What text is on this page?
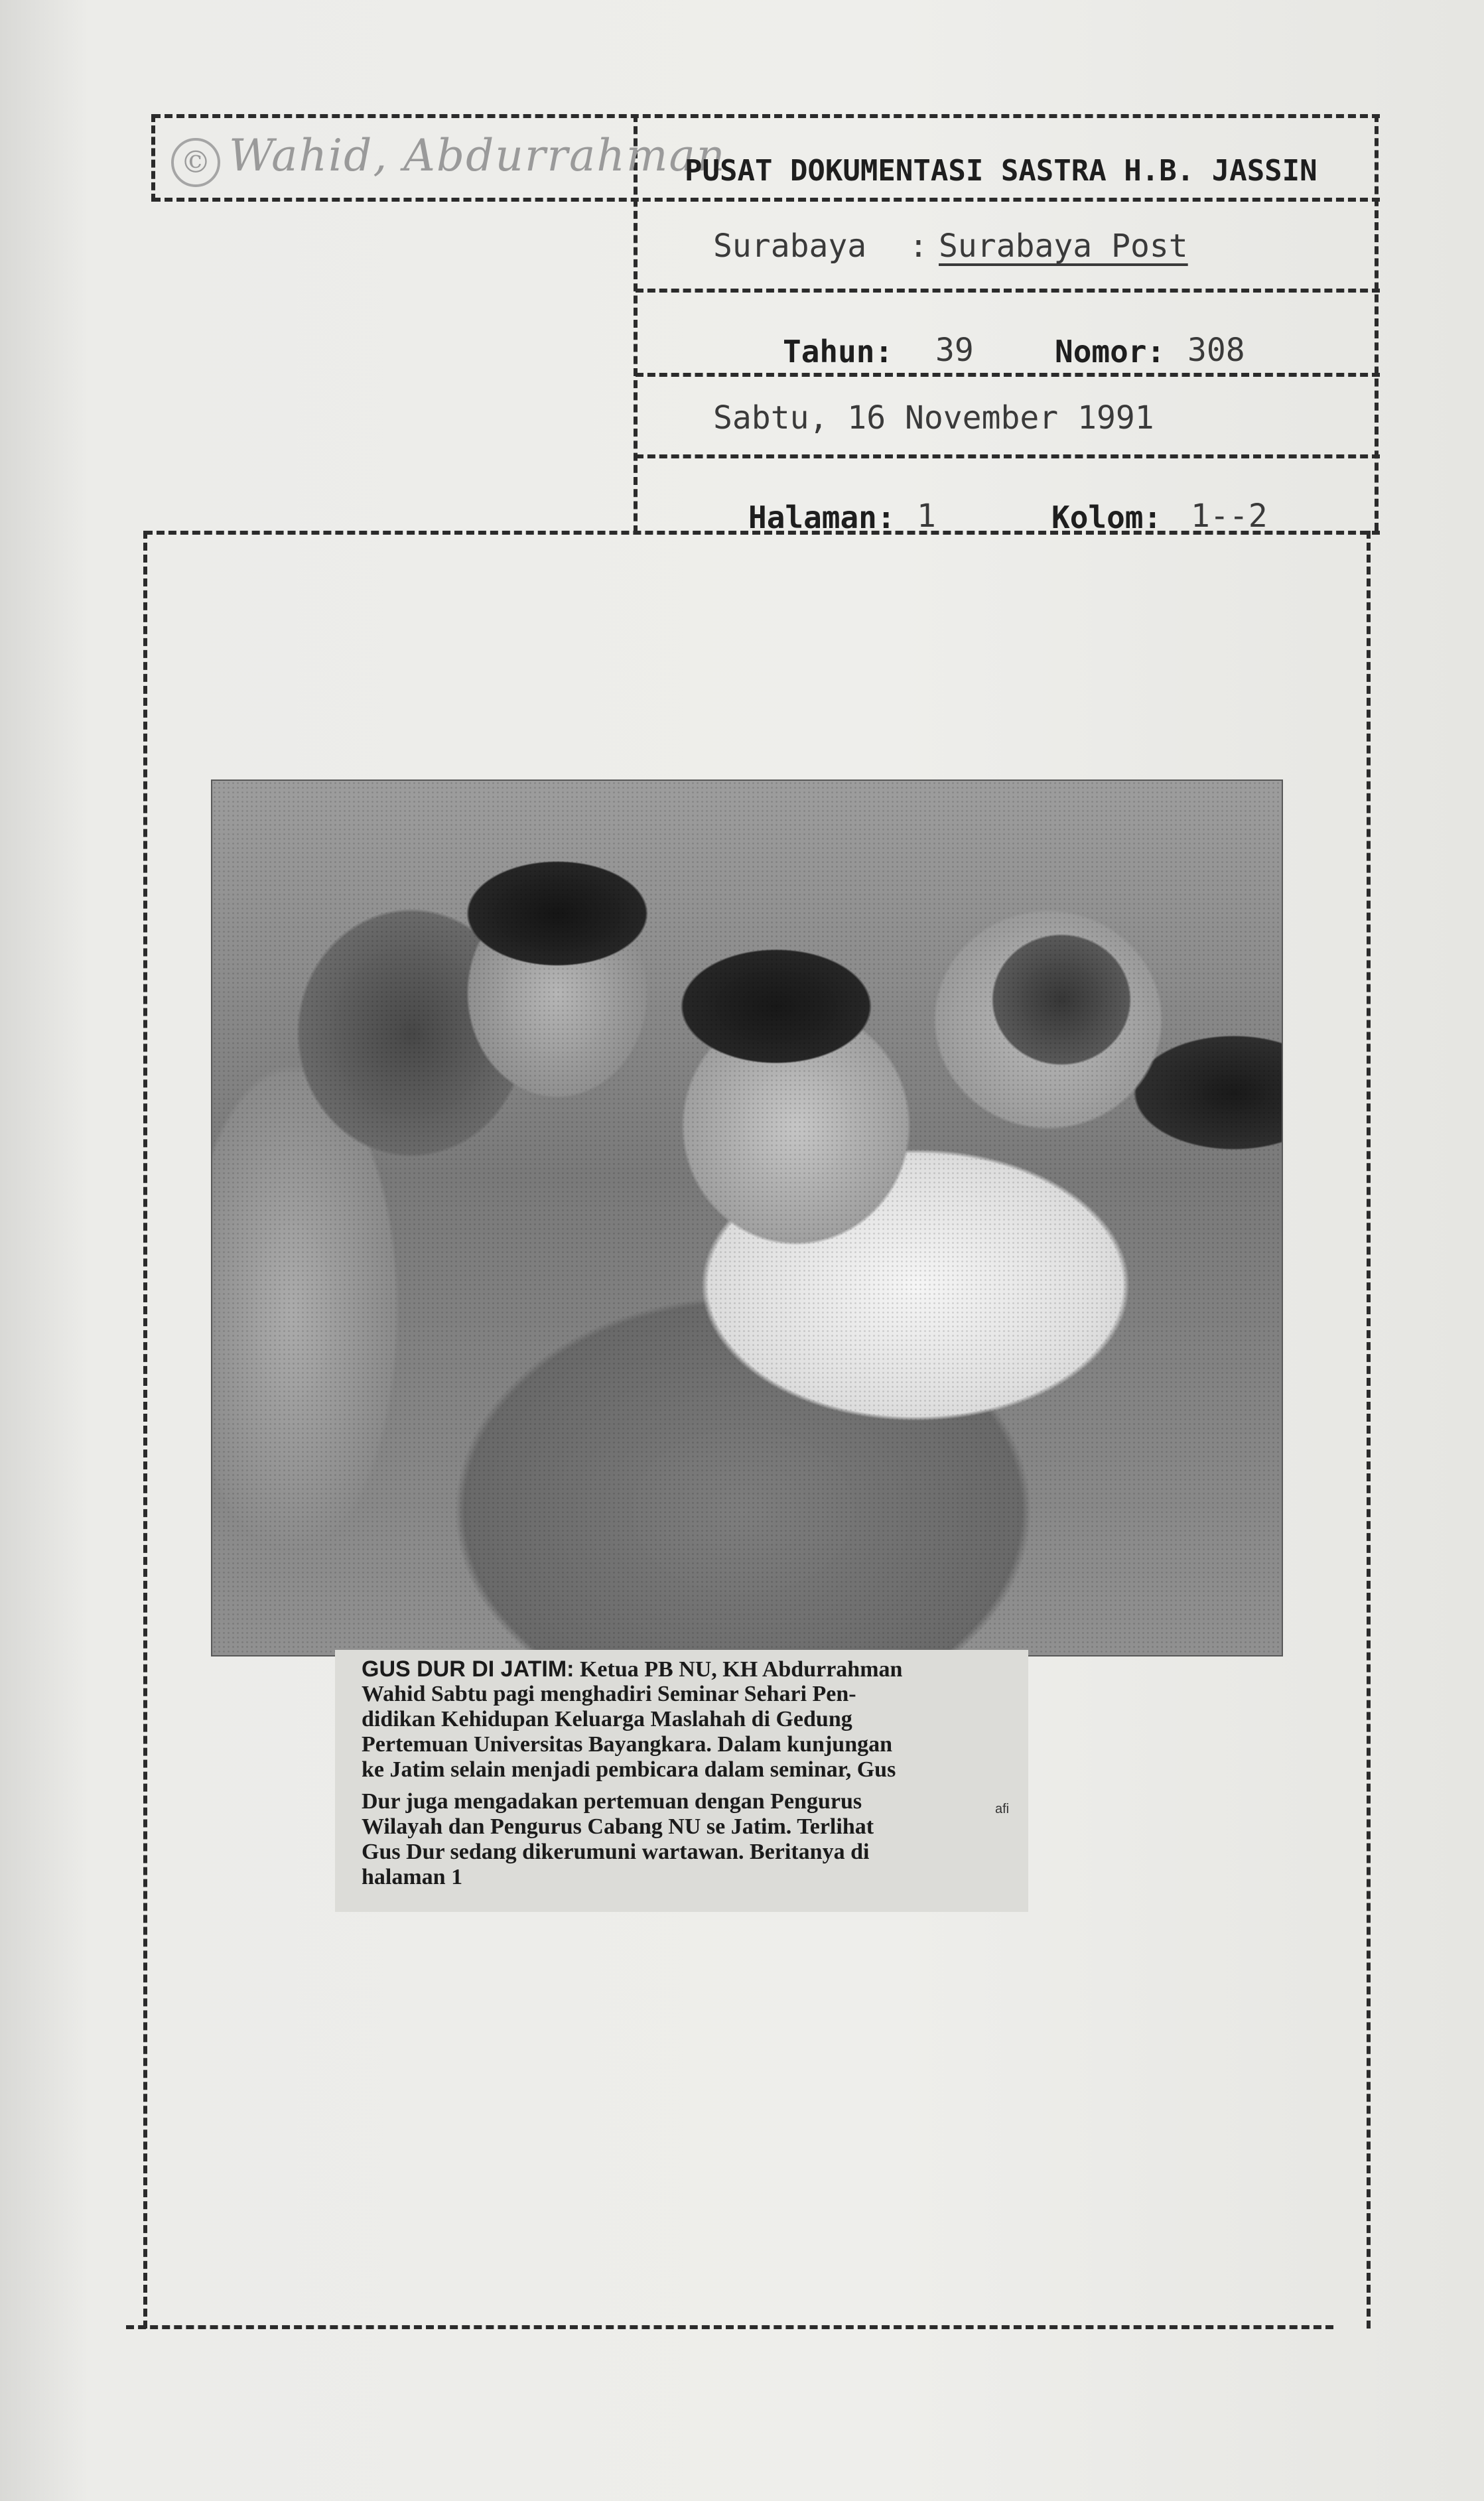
© Wahid, Abdurrahman
PUSAT DOKUMENTASI SASTRA H.B. JASSIN
Surabaya : Surabaya Post
Tahun: 39	Nomor: 308
Sabtu, 16 November 1991
Halaman: 1	Kolom: 1--2
GUS DUR DI JATIM: Ketua PB NU, KH Abdurrahman
Wahid Sabtu pagi menghadiri Seminar Sehari Pen-
didikan Kehidupan Keluarga Maslahah di Gedung
Pertemuan Universitas Bayangkara. Dalam kunjungan
ke Jatim selain menjadi pembicara dalam seminar, Gus
afi
Dur juga mengadakan pertemuan dengan Pengurus
Wilayah dan Pengurus Cabang NU se Jatim. Terlihat
Gus Dur sedang dikerumuni wartawan. Beritanya di
halaman 1
